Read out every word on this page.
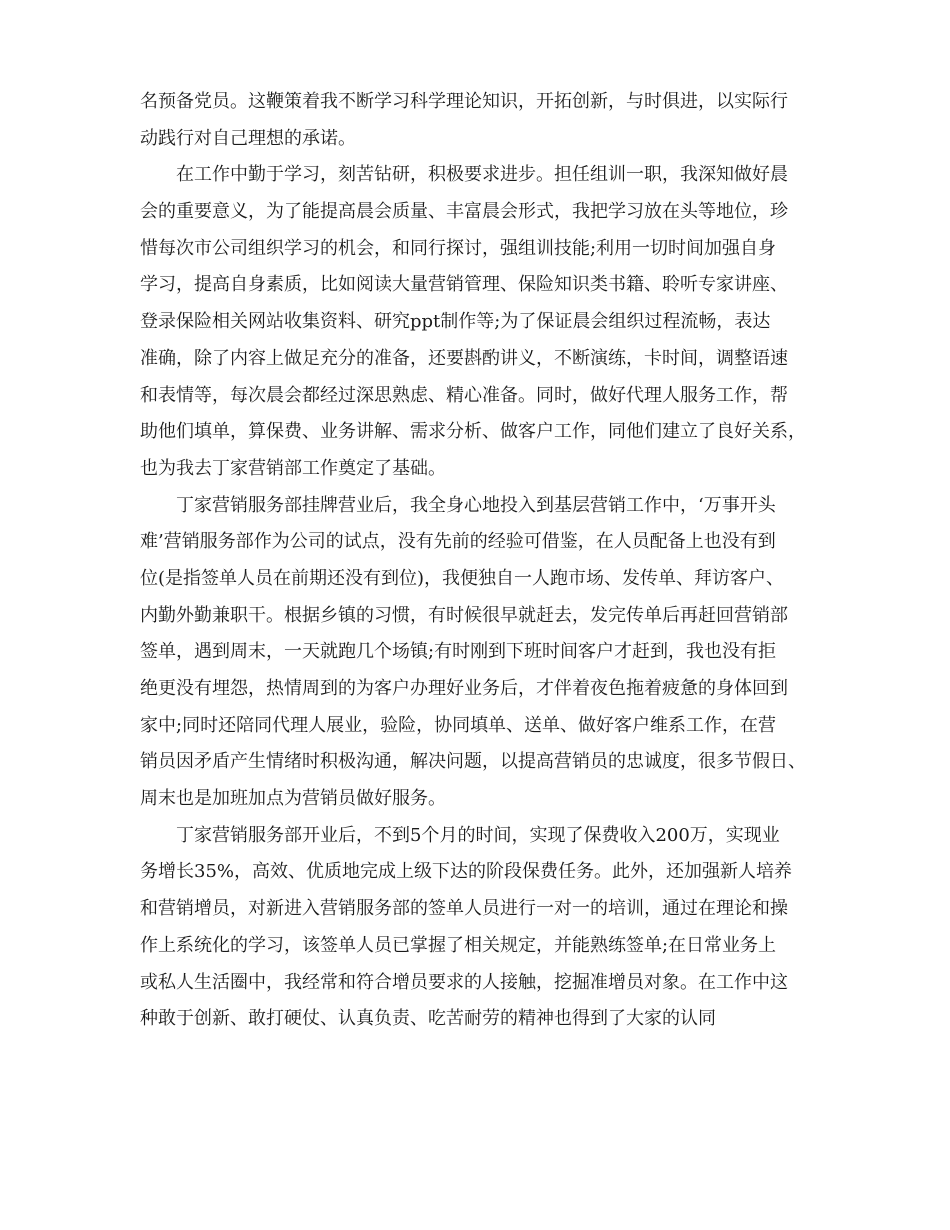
名预备党员。这鞭策着我不断学习科学理论知识，开拓创新，与时俱进，以实际行
动践行对自己理想的承诺。
在工作中勤于学习，刻苦钻研，积极要求进步。担任组训一职，我深知做好晨
会的重要意义，为了能提高晨会质量、丰富晨会形式，我把学习放在头等地位，珍
惜每次市公司组织学习的机会，和同行探讨，强组训技能;利用一切时间加强自身
学习，提高自身素质，比如阅读大量营销管理、保险知识类书籍、聆听专家讲座、
登录保险相关网站收集资料、研究ppt制作等;为了保证晨会组织过程流畅，表达
准确，除了内容上做足充分的准备，还要斟酌讲义，不断演练，卡时间，调整语速
和表情等，每次晨会都经过深思熟虑、精心准备。同时，做好代理人服务工作，帮
助他们填单，算保费、业务讲解、需求分析、做客户工作，同他们建立了良好关系，
也为我去丁家营销部工作奠定了基础。
丁家营销服务部挂牌营业后，我全身心地投入到基层营销工作中，‘万事开头
难’营销服务部作为公司的试点，没有先前的经验可借鉴，在人员配备上也没有到
位(是指签单人员在前期还没有到位)，我便独自一人跑市场、发传单、拜访客户、
内勤外勤兼职干。根据乡镇的习惯，有时候很早就赶去，发完传单后再赶回营销部
签单，遇到周末，一天就跑几个场镇;有时刚到下班时间客户才赶到，我也没有拒
绝更没有埋怨，热情周到的为客户办理好业务后，才伴着夜色拖着疲惫的身体回到
家中;同时还陪同代理人展业，验险，协同填单、送单、做好客户维系工作，在营
销员因矛盾产生情绪时积极沟通，解决问题，以提高营销员的忠诚度，很多节假日、
周末也是加班加点为营销员做好服务。
丁家营销服务部开业后，不到5个月的时间，实现了保费收入200万，实现业
务增长35%，高效、优质地完成上级下达的阶段保费任务。此外，还加强新人培养
和营销增员，对新进入营销服务部的签单人员进行一对一的培训，通过在理论和操
作上系统化的学习，该签单人员已掌握了相关规定，并能熟练签单;在日常业务上
或私人生活圈中，我经常和符合增员要求的人接触，挖掘准增员对象。在工作中这
种敢于创新、敢打硬仗、认真负责、吃苦耐劳的精神也得到了大家的认同
